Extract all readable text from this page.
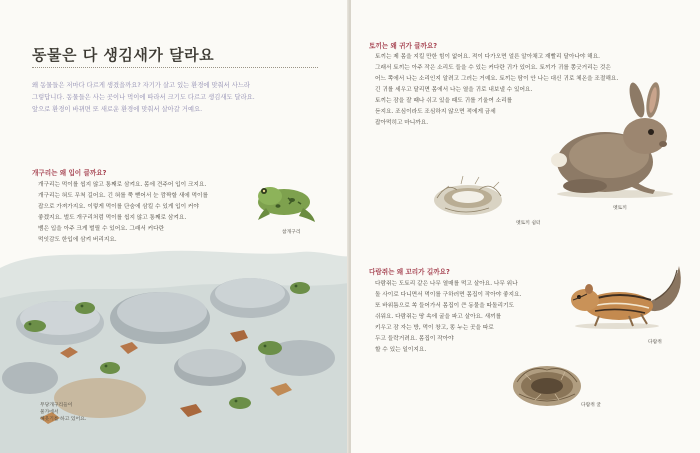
동물은 다 생김새가 달라요

왜 동물들은 저마다 다르게 생겼을까요? 자기가 살고 있는 환경에 맞춰서 사느라

그렇답니다. 동물들은 사는 곳이나 먹이에 따라서 크기도 다르고 생김새도 달라요.

앞으로 환경이 바뀌면 또 새로운 환경에 맞춰서 살아갈 거예요.

개구리는 왜 입이 클까요?

개구리는 먹이를 씹지 않고 통째로 삼켜요. 몸에 견주어 입이 크지요.

개구리는 혀도 무척 길어요. 긴 혀를 쭉 뻗어서 눈 깜짝할 새에 먹이를

잡으로 가져가지요. 이렇게 먹이를 단숨에 삼킬 수 있게 입이 커야

좋겠지요. 벌도 개구리처럼 먹이를 씹지 않고 통째로 삼켜요.

뱀은 입을 아주 크게 벌릴 수 있어요. 그래서 커다란

먹잇감도 한입에 삼켜 버리지요.

참개구리
무당개구리들이
물가에서
해웃기를 하고 있어요.
토끼는 왜 귀가 클까요?

토끼는 제 몸을 지킬 만한 힘이 없어요. 적이 다가오면 얼른 알아채고 재빨리 달아나야 해요.

그래서 토끼는 아주 작은 소리도 들을 수 있는 커다란 귀가 있어요. 토끼가 귀를 쫑긋거리는 것은

어느 쪽에서 나는 소리인지 알려고 그러는 거예요. 토끼는 땀이 안 나는 대신 귀로 체온을 조절해요.

긴 귀를 세우고 달리면 몸에서 나는 열을 귀로 내보낼 수 있어요.

토끼는 잠을 잘 때나 쉬고 있을 때도 귀를 기울여 소리를

듣지요. 조심이라도 조심하지 않으면 적에게 금세

잡아먹히고 마니까요.

멧토끼
멧토끼 쉼터
다람쥐는 왜 꼬리가 길까요?

다람쥐는 도토리 같은 나무 열매를 먹고 살아요. 나무 위나

돌 사이로 다니면서 먹이를 구하러면 몸집이 작아야 좋지요.

또 바위틈으로 쏙 들어가서 몸집이 큰 동물을 따돌리기도

쉬워요. 다람쥐는 땅 속에 굴을 파고 살아요. 새끼를

키우고 잠 자는 방, 먹이 창고, 똥 누는 곳을 따로

두고 들락거려요. 몸집이 작아야

할 수 있는 일이지요.

다람쥐
다람쥐 굴
